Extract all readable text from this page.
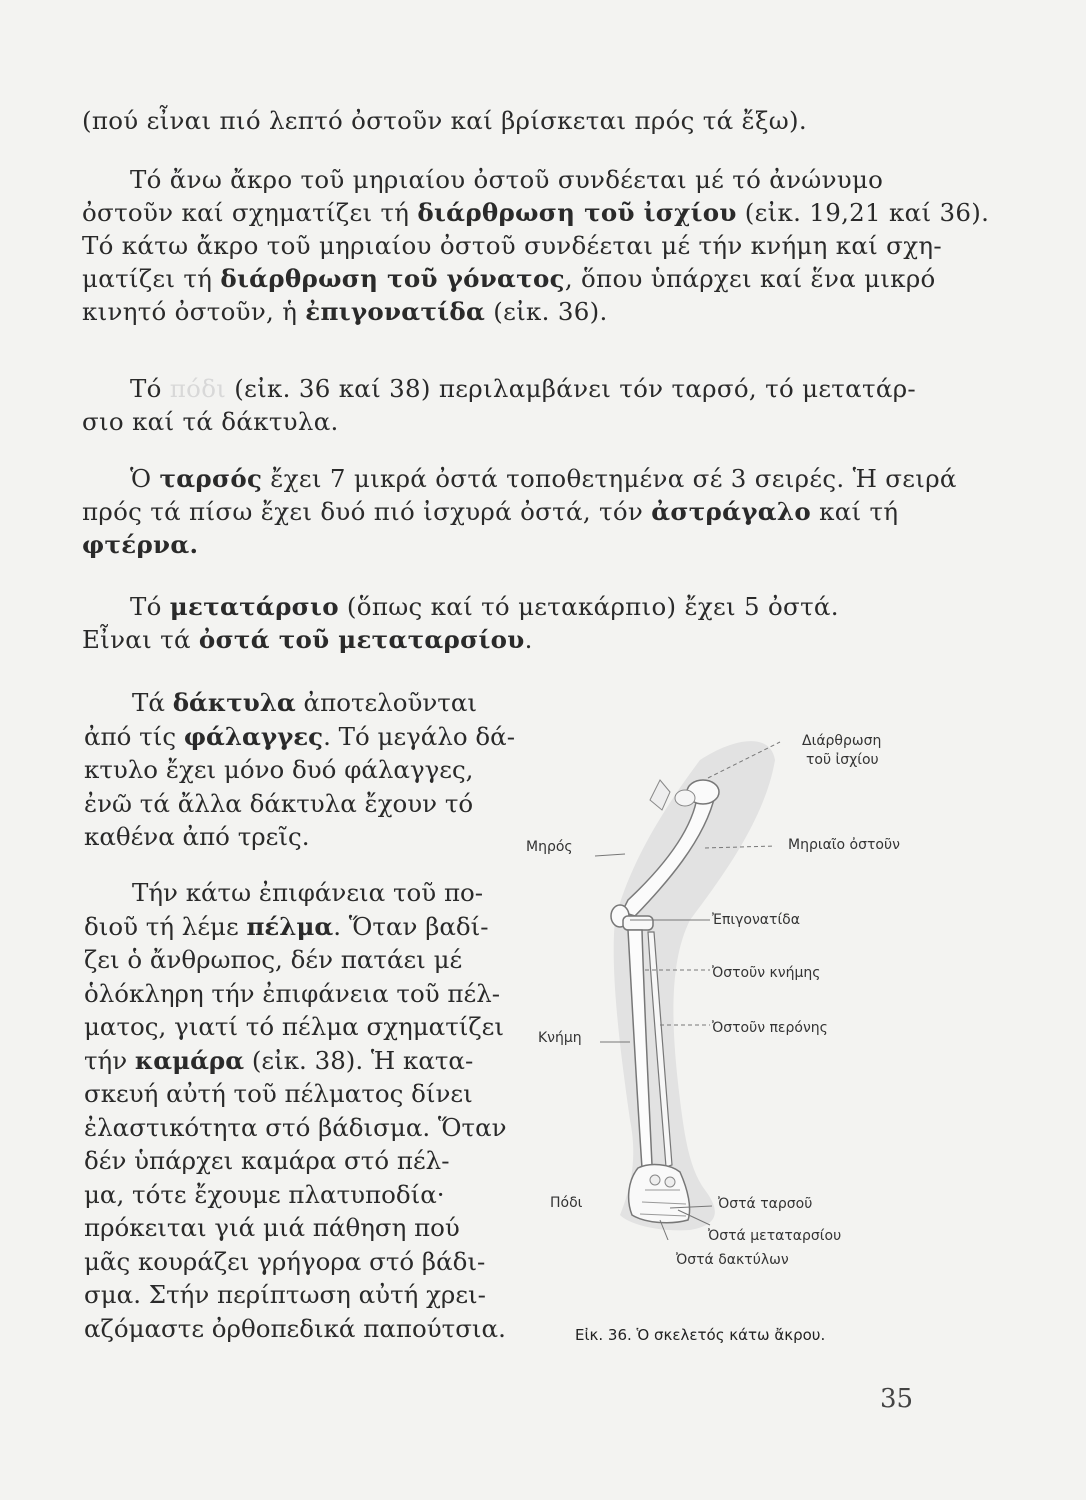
(πού εἶναι πιό λεπτό ὀστοῦν καί βρίσκεται πρός τά ἔξω).
Τό ἄνω ἄκρο τοῦ μηριαίου ὀστοῦ συνδέεται μέ τό ἀνώνυμο
ὀστοῦν καί σχηματίζει τή διάρθρωση τοῦ ἰσχίου (εἰκ. 19,21 καί 36).
Τό κάτω ἄκρο τοῦ μηριαίου ὀστοῦ συνδέεται μέ τήν κνήμη καί σχη-
ματίζει τή διάρθρωση τοῦ γόνατος, ὅπου ὑπάρχει καί ἕνα μικρό
κινητό ὀστοῦν, ἡ ἐπιγονατίδα (εἰκ. 36).
Τό πόδι (εἰκ. 36 καί 38) περιλαμβάνει τόν ταρσό, τό μετατάρ-
σιο καί τά δάκτυλα.
Ὁ ταρσός ἔχει 7 μικρά ὀστά τοποθετημένα σέ 3 σειρές. Ἡ σειρά
πρός τά πίσω ἔχει δυό πιό ἰσχυρά ὀστά, τόν ἀστράγαλο καί τή
φτέρνα.
Τό μετατάρσιο (ὅπως καί τό μετακάρπιο) ἔχει 5 ὀστά.
Εἶναι τά ὀστά τοῦ μεταταρσίου.
Τά δάκτυλα ἀποτελοῦνται
ἀπό τίς φάλαγγες. Τό μεγάλο δά-
κτυλο ἔχει μόνο δυό φάλαγγες,
ἐνῶ τά ἄλλα δάκτυλα ἔχουν τό
καθένα ἀπό τρεῖς.
Τήν κάτω ἐπιφάνεια τοῦ πο-
διοῦ τή λέμε πέλμα. Ὅταν βαδί-
ζει ὁ ἄνθρωπος, δέν πατάει μέ
ὁλόκληρη τήν ἐπιφάνεια τοῦ πέλ-
ματος, γιατί τό πέλμα σχηματίζει
τήν καμάρα (εἰκ. 38). Ἡ κατα-
σκευή αὐτή τοῦ πέλματος δίνει
ἐλαστικότητα στό βάδισμα. Ὅταν
δέν ὑπάρχει καμάρα στό πέλ-
μα, τότε ἔχουμε πλατυποδία·
πρόκειται γιά μιά πάθηση πού
μᾶς κουράζει γρήγορα στό βάδι-
σμα. Στήν περίπτωση αὐτή χρει-
αζόμαστε ὀρθοπεδικά παπούτσια.
Διάρθρωση
τοῦ ἰσχίου
Μηρός	Μηριαῖο ὀστοῦν
Ἐπιγονατίδα
Ὀστοῦν κνήμης
Κνήμη
Ὀστοῦν περόνης
Πόδι	Ὀστά ταρσοῦ
Ὀστά μεταταρσίου
Ὀστά δακτύλων
Εἰκ. 36. Ὁ σκελετός κάτω ἄκρου.
35
